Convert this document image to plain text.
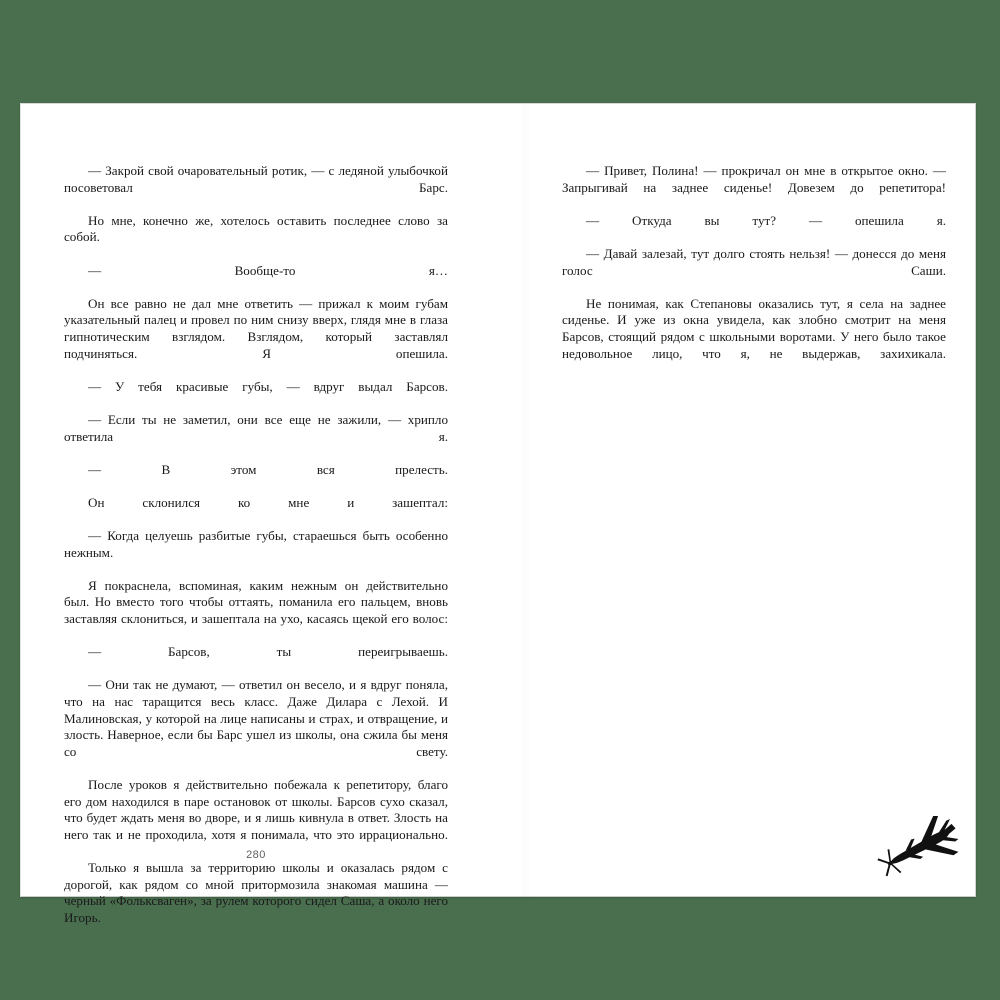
— Закрой свой очаровательный ротик, — с ледяной улыбочкой посоветовал Барс.

Но мне, конечно же, хотелось оставить последнее слово за собой.

— Вообще-то я…

Он все равно не дал мне ответить — прижал к моим губам указательный палец и провел по ним снизу вверх, глядя мне в глаза гипнотическим взглядом. Взглядом, который заставлял подчиняться. Я опешила.

— У тебя красивые губы, — вдруг выдал Барсов.

— Если ты не заметил, они все еще не зажили, — хрипло ответила я.

— В этом вся прелесть.

Он склонился ко мне и зашептал:

— Когда целуешь разбитые губы, стараешься быть особенно нежным.

Я покраснела, вспоминая, каким нежным он действительно был. Но вместо того чтобы оттаять, поманила его пальцем, вновь заставляя склониться, и зашептала на ухо, касаясь щекой его волос:

— Барсов, ты переигрываешь.

— Они так не думают, — ответил он весело, и я вдруг поняла, что на нас таращится весь класс. Даже Дилара с Лехой. И Малиновская, у которой на лице написаны и страх, и отвращение, и злость. Наверное, если бы Барс ушел из школы, она сжила бы меня со свету.

После уроков я действительно побежала к репетитору, благо его дом находился в паре остановок от школы. Барсов сухо сказал, что будет ждать меня во дворе, и я лишь кивнула в ответ. Злость на него так и не проходила, хотя я понимала, что это иррационально.

Только я вышла за территорию школы и оказалась рядом с дорогой, как рядом со мной притормозила знакомая машина — черный «Фольксваген», за рулем которого сидел Саша, а около него Игорь.

— Привет, Полина! — прокричал он мне в открытое окно. — Запрыгивай на заднее сиденье! Довезем до репетитора!

— Откуда вы тут? — опешила я.

— Давай залезай, тут долго стоять нельзя! — донесся до меня голос Саши.

Не понимая, как Степановы оказались тут, я села на заднее сиденье. И уже из окна увидела, как злобно смотрит на меня Барсов, стоящий рядом с школьными воротами. У него было такое недовольное лицо, что я, не выдержав, захихикала.

280
